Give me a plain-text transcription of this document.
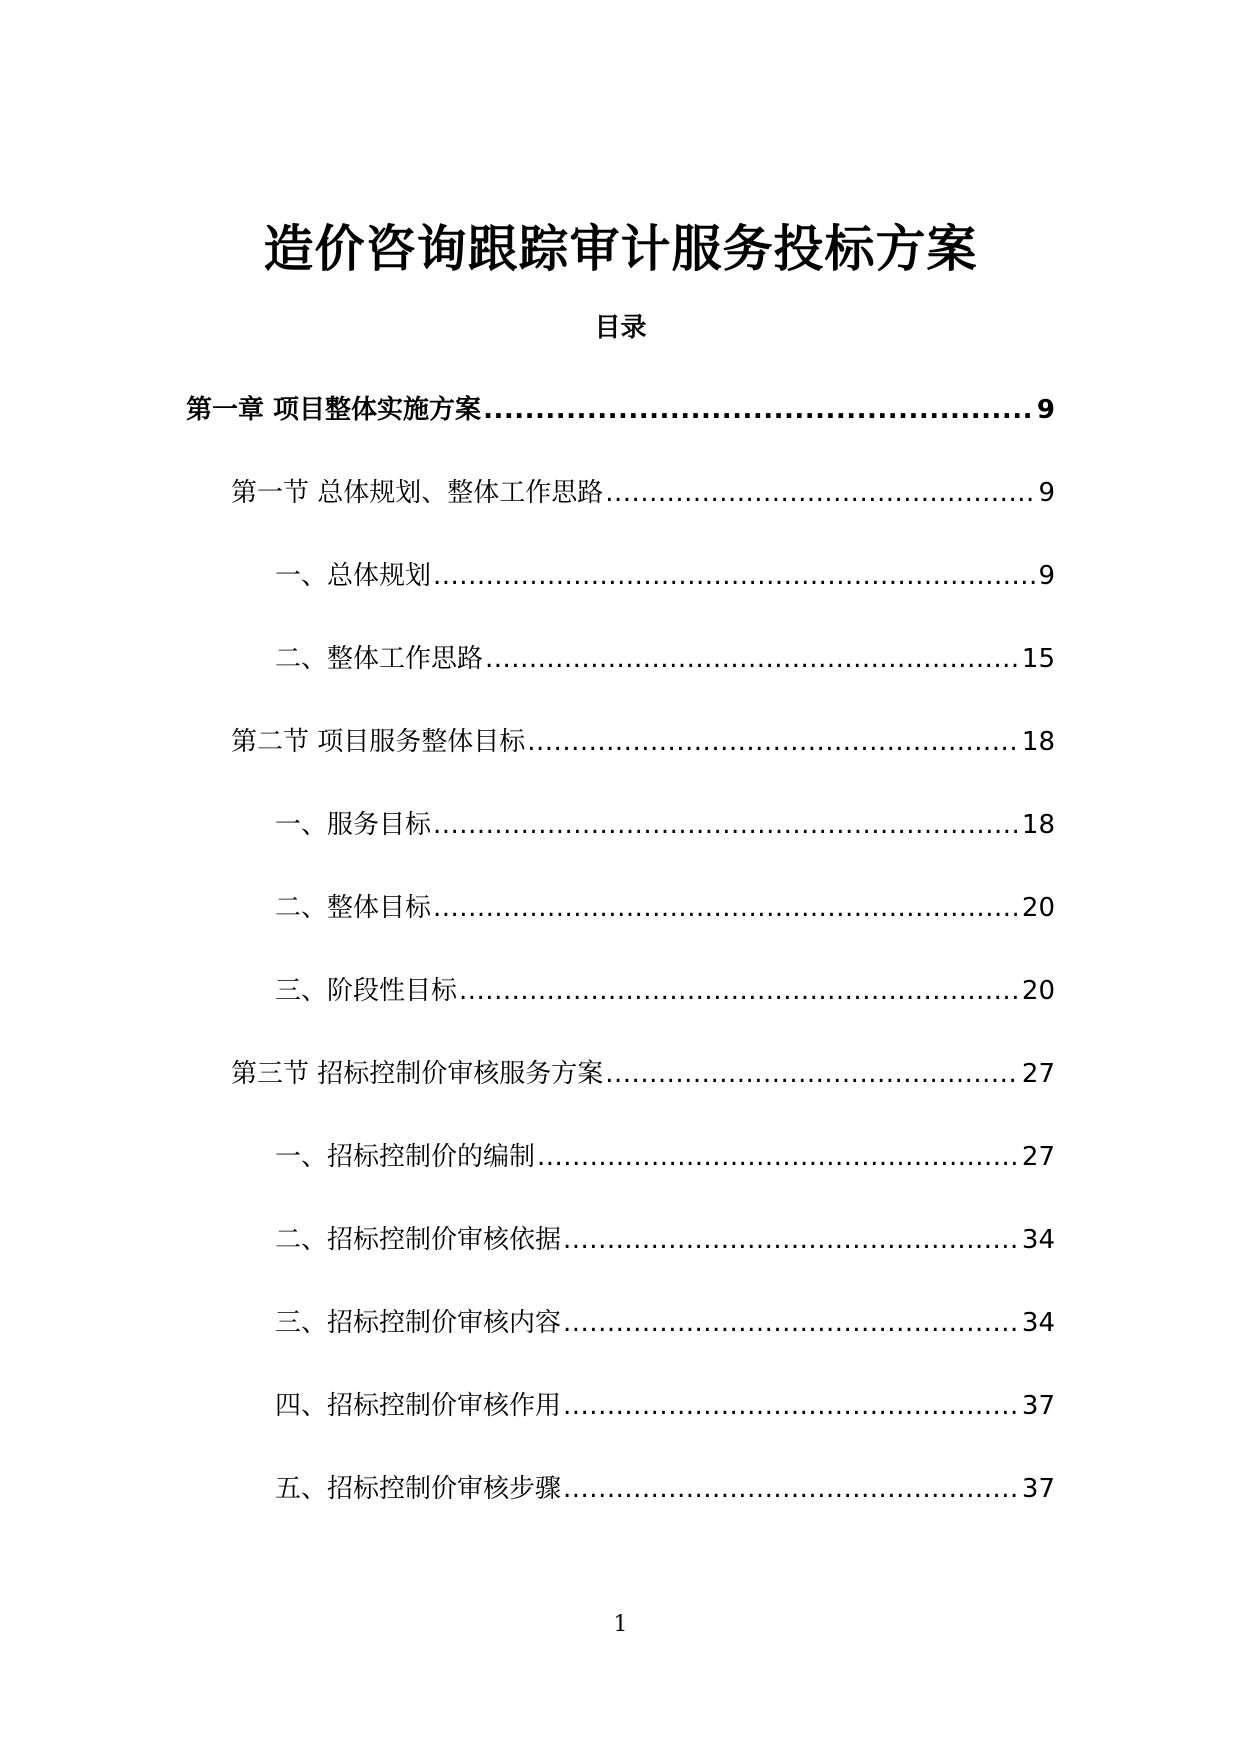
造价咨询跟踪审计服务投标方案
目录
第一章 项目整体实施方案 .....	9
第一节 总体规划、整体工作思路 .....	9
一、总体规划 .....	9
二、整体工作思路 .....	15
第二节 项目服务整体目标 .....	18
一、服务目标 .....	18
二、整体目标 .....	20
三、阶段性目标 .....	20
第三节 招标控制价审核服务方案 .....	27
一、招标控制价的编制 .....	27
二、招标控制价审核依据 .....	34
三、招标控制价审核内容 .....	34
四、招标控制价审核作用 .....	37
五、招标控制价审核步骤 .....	37
1
